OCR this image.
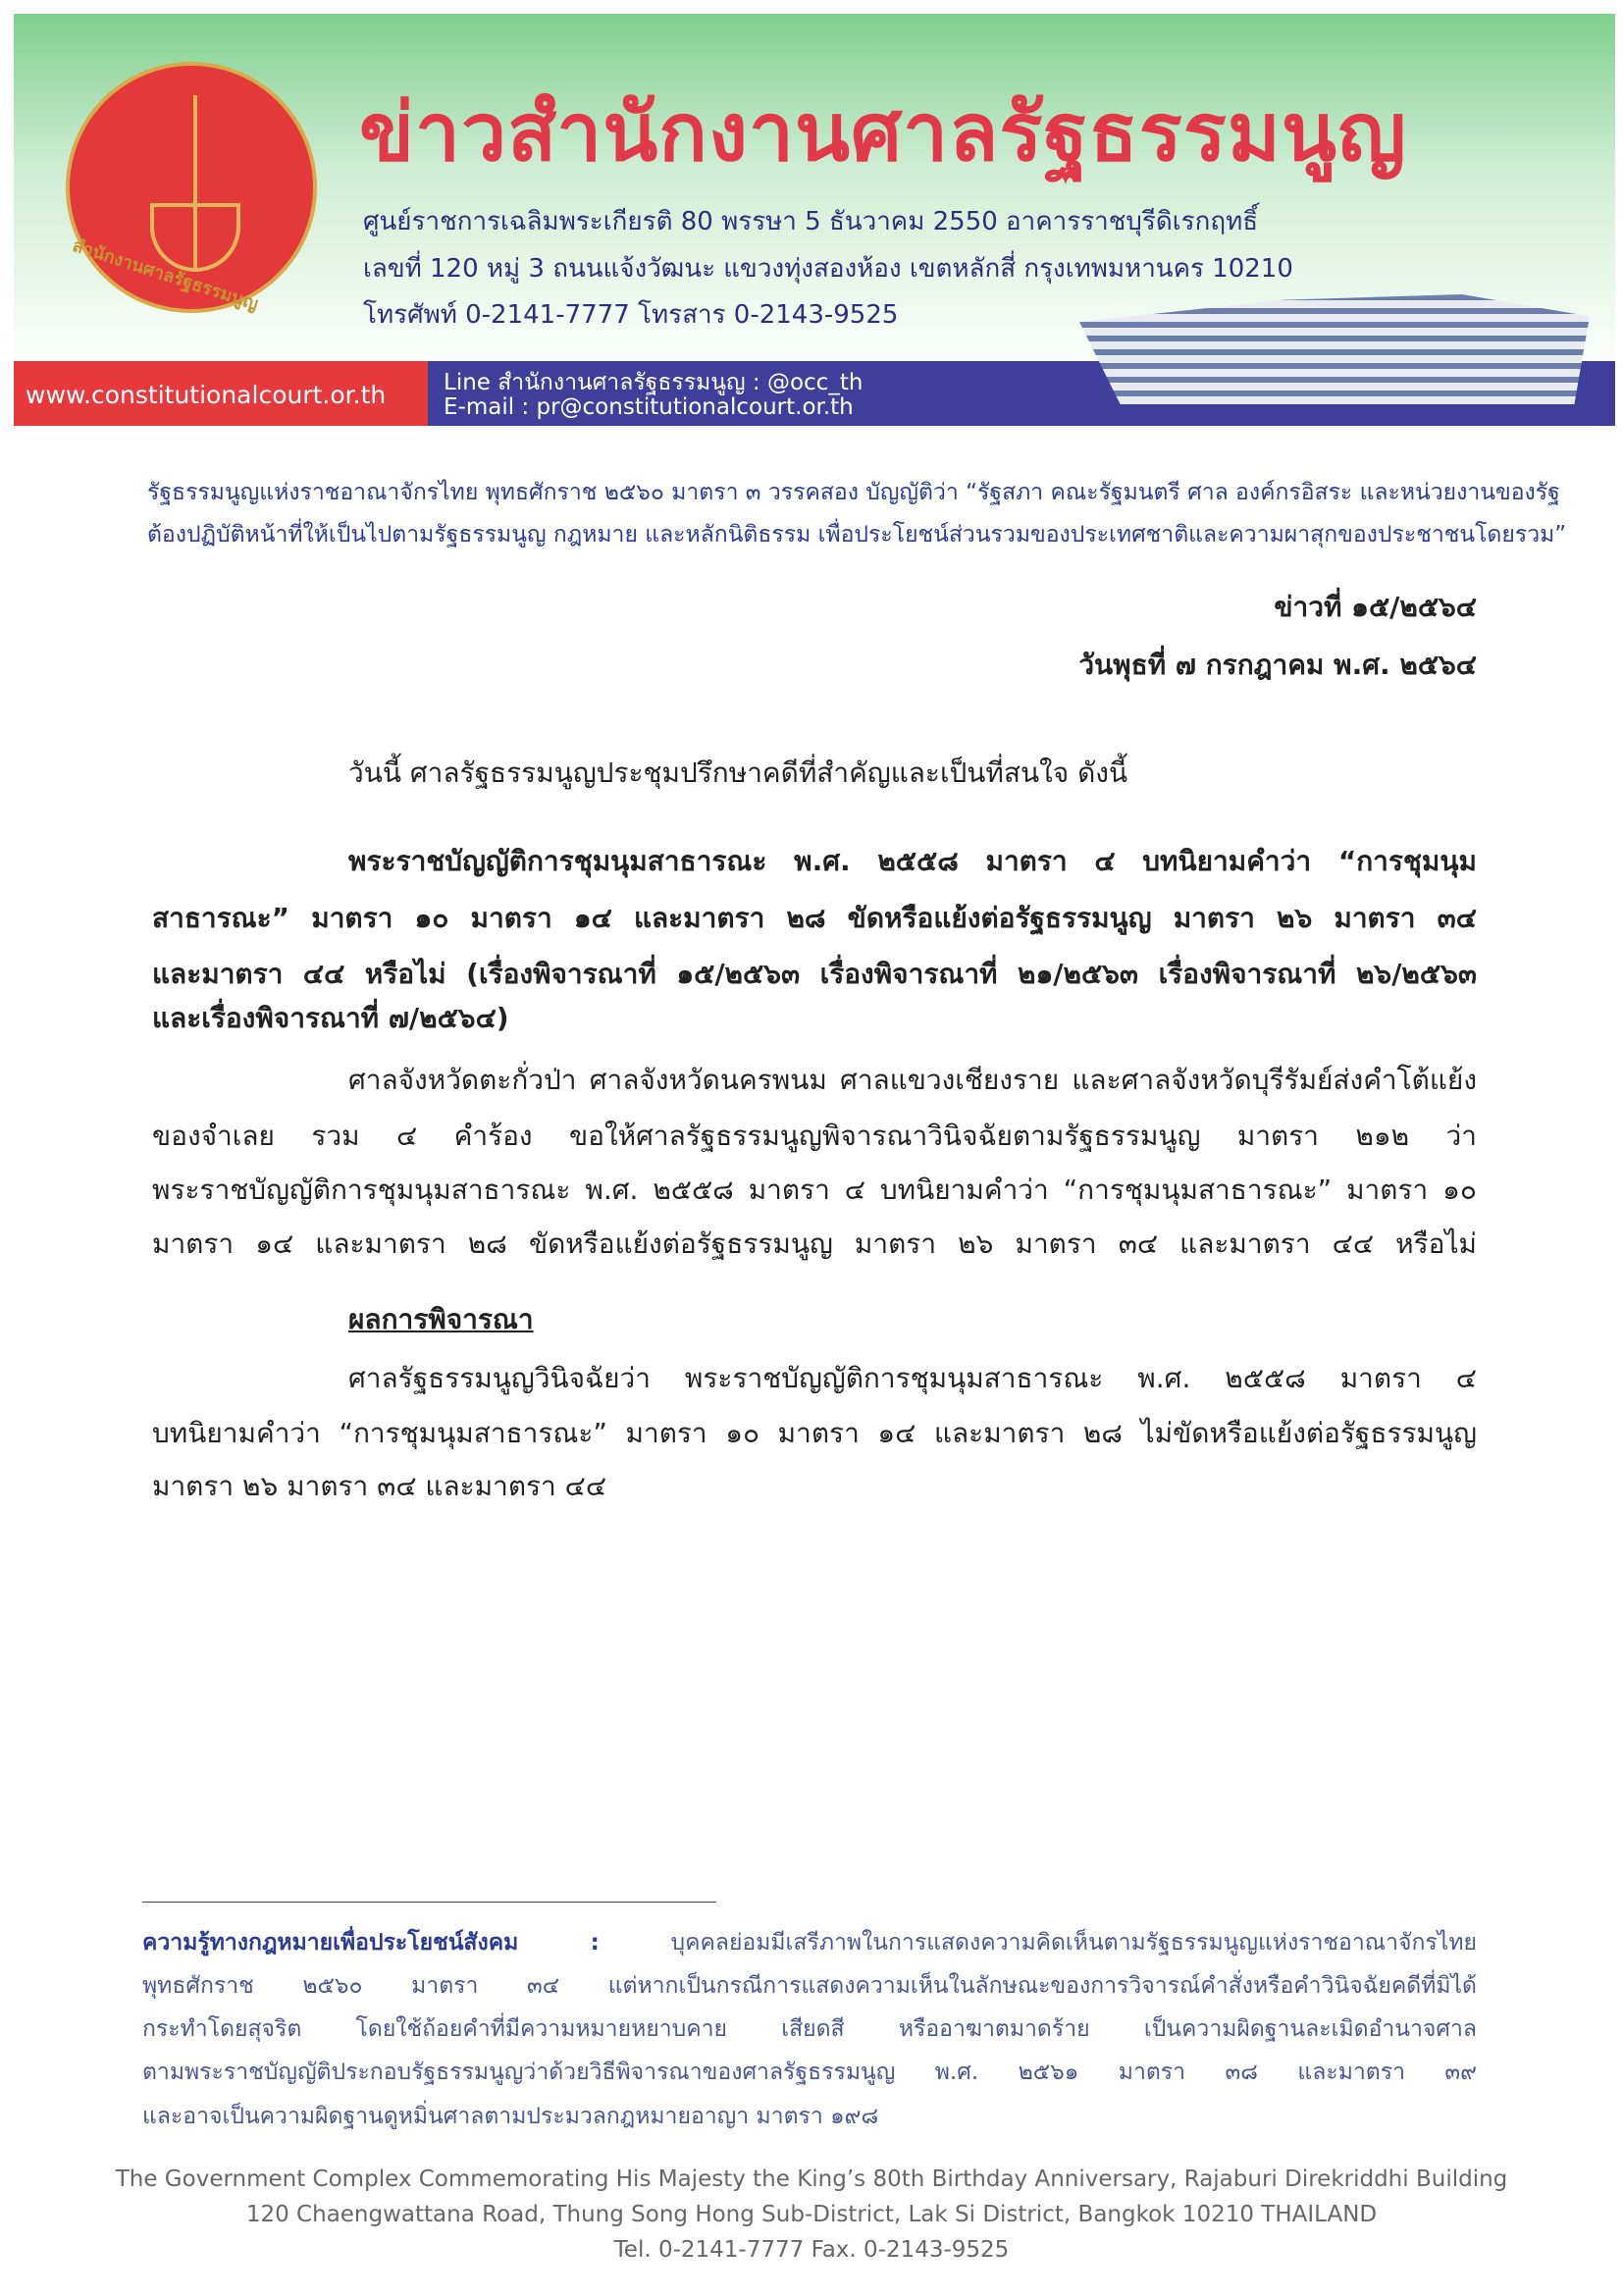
สำนักงานศาลรัฐธรรมนูญ
ข่าวสำนักงานศาลรัฐธรรมนูญ
ศูนย์ราชการเฉลิมพระเกียรติ 80 พรรษา 5 ธันวาคม 2550 อาคารราชบุรีดิเรกฤทธิ์
เลขที่ 120 หมู่ 3 ถนนแจ้งวัฒนะ แขวงทุ่งสองห้อง เขตหลักสี่ กรุงเทพมหานคร 10210
โทรศัพท์ 0-2141-7777 โทรสาร 0-2143-9525
www.constitutionalcourt.or.th	Line สำนักงานศาลรัฐธรรมนูญ : @occ_th
E-mail : pr@constitutionalcourt.or.th
รัฐธรรมนูญแห่งราชอาณาจักรไทย พุทธศักราช ๒๕๖๐ มาตรา ๓ วรรคสอง บัญญัติว่า “รัฐสภา คณะรัฐมนตรี ศาล องค์กรอิสระ และหน่วยงานของรัฐ
ต้องปฏิบัติหน้าที่ให้เป็นไปตามรัฐธรรมนูญ กฎหมาย และหลักนิติธรรม เพื่อประโยชน์ส่วนรวมของประเทศชาติและความผาสุกของประชาชนโดยรวม”
ข่าวที่ ๑๕/๒๕๖๔
วันพุธที่ ๗ กรกฎาคม พ.ศ. ๒๕๖๔
วันนี้ ศาลรัฐธรรมนูญประชุมปรึกษาคดีที่สำคัญและเป็นที่สนใจ ดังนี้
พระราชบัญญัติการชุมนุมสาธารณะ พ.ศ. ๒๕๕๘ มาตรา ๔ บทนิยามคำว่า “การชุมนุม
สาธารณะ” มาตรา ๑๐ มาตรา ๑๔ และมาตรา ๒๘ ขัดหรือแย้งต่อรัฐธรรมนูญ มาตรา ๒๖ มาตรา ๓๔
และมาตรา ๔๔ หรือไม่ (เรื่องพิจารณาที่ ๑๕/๒๕๖๓ เรื่องพิจารณาที่ ๒๑/๒๕๖๓ เรื่องพิจารณาที่ ๒๖/๒๕๖๓
และเรื่องพิจารณาที่ ๗/๒๕๖๔)
ศาลจังหวัดตะกั่วป่า ศาลจังหวัดนครพนม ศาลแขวงเชียงราย และศาลจังหวัดบุรีรัมย์ส่งคำโต้แย้ง
ของจำเลย รวม ๔ คำร้อง ขอให้ศาลรัฐธรรมนูญพิจารณาวินิจฉัยตามรัฐธรรมนูญ มาตรา ๒๑๒ ว่า
พระราชบัญญัติการชุมนุมสาธารณะ พ.ศ. ๒๕๕๘ มาตรา ๔ บทนิยามคำว่า “การชุมนุมสาธารณะ” มาตรา ๑๐
มาตรา ๑๔ และมาตรา ๒๘ ขัดหรือแย้งต่อรัฐธรรมนูญ มาตรา ๒๖ มาตรา ๓๔ และมาตรา ๔๔ หรือไม่
ผลการพิจารณา
ศาลรัฐธรรมนูญวินิจฉัยว่า พระราชบัญญัติการชุมนุมสาธารณะ พ.ศ. ๒๕๕๘ มาตรา ๔
บทนิยามคำว่า “การชุมนุมสาธารณะ” มาตรา ๑๐ มาตรา ๑๔ และมาตรา ๒๘ ไม่ขัดหรือแย้งต่อรัฐธรรมนูญ
มาตรา ๒๖ มาตรา ๓๔ และมาตรา ๔๔
ความรู้ทางกฎหมายเพื่อประโยชน์สังคม :	บุคคลย่อมมีเสรีภาพในการแสดงความคิดเห็นตามรัฐธรรมนูญแห่งราชอาณาจักรไทย
พุทธศักราช ๒๕๖๐ มาตรา ๓๔ แต่หากเป็นกรณีการแสดงความเห็นในลักษณะของการวิจารณ์คำสั่งหรือคำวินิจฉัยคดีที่มิได้
กระทำโดยสุจริต โดยใช้ถ้อยคำที่มีความหมายหยาบคาย เสียดสี หรืออาฆาตมาดร้าย เป็นความผิดฐานละเมิดอำนาจศาล
ตามพระราชบัญญัติประกอบรัฐธรรมนูญว่าด้วยวิธีพิจารณาของศาลรัฐธรรมนูญ พ.ศ. ๒๕๖๑ มาตรา ๓๘ และมาตรา ๓๙
และอาจเป็นความผิดฐานดูหมิ่นศาลตามประมวลกฎหมายอาญา มาตรา ๑๙๘
The Government Complex Commemorating His Majesty the King’s 80th Birthday Anniversary, Rajaburi Direkriddhi Building
120 Chaengwattana Road, Thung Song Hong Sub-District, Lak Si District, Bangkok 10210 THAILAND
Tel. 0-2141-7777 Fax. 0-2143-9525
